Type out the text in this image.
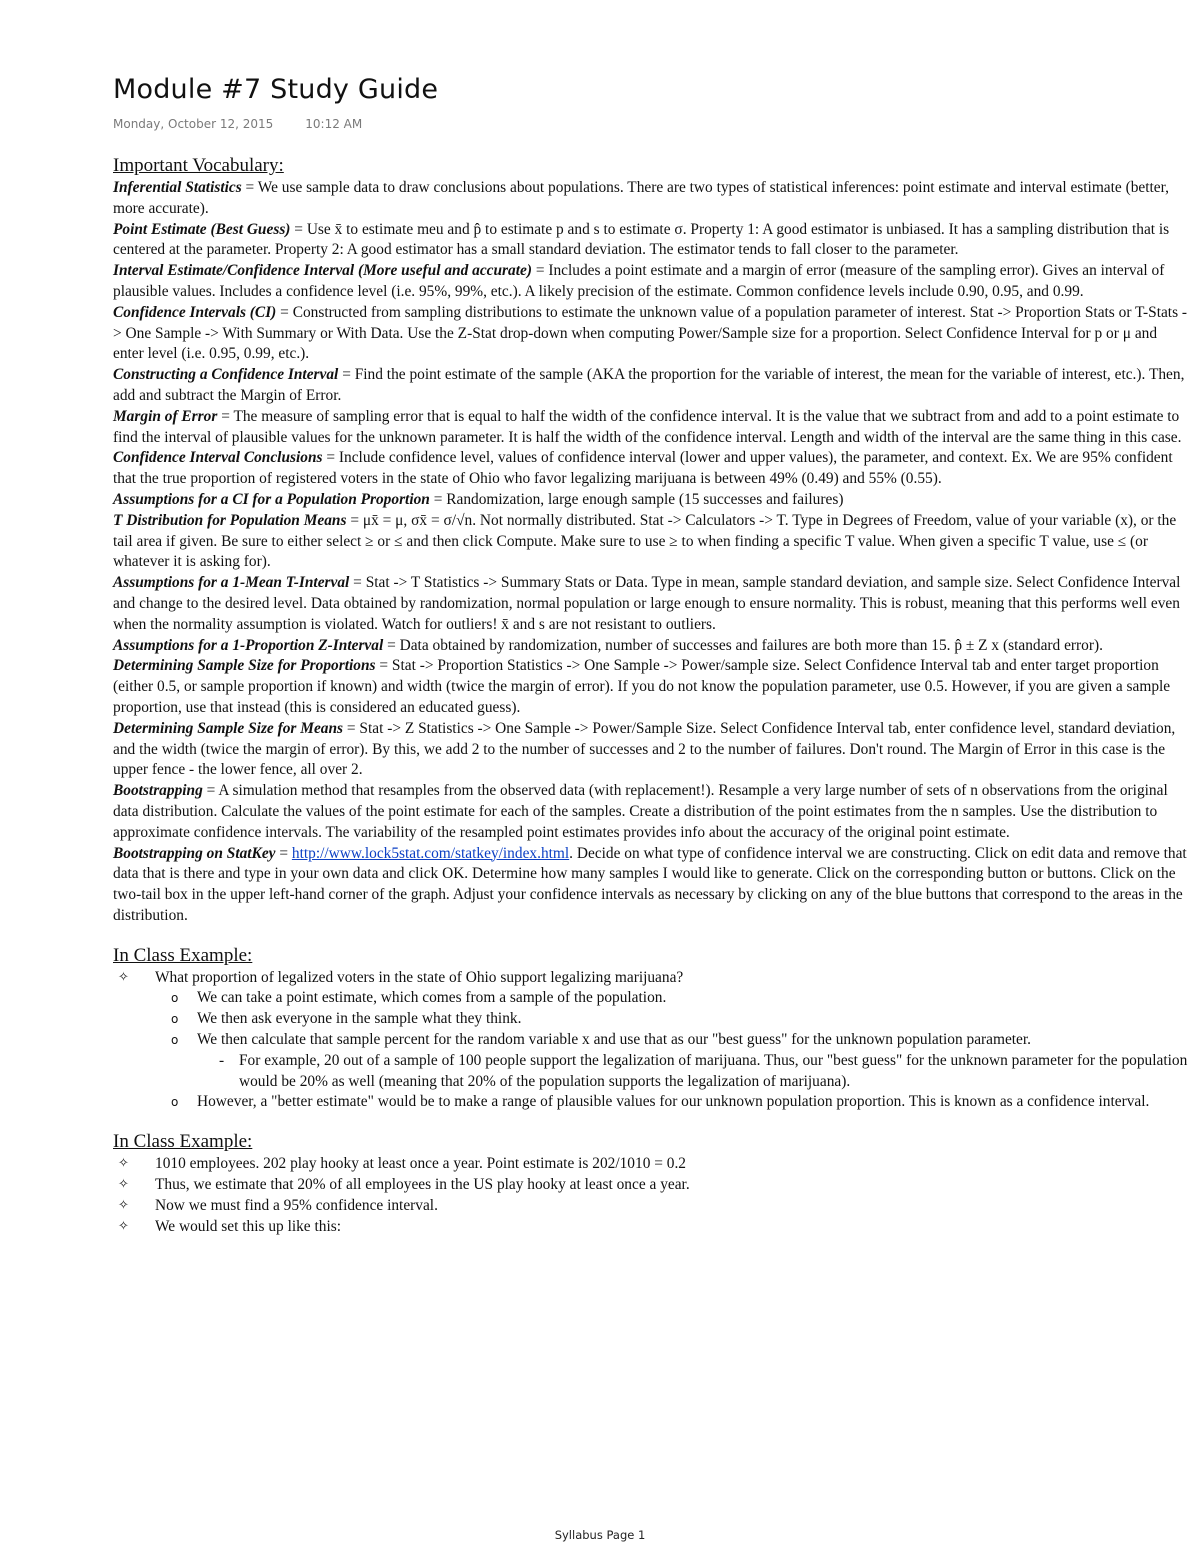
Module #7 Study Guide
Monday, October 12, 2015	10:12 AM
Important Vocabulary:

Inferential Statistics = We use sample data to draw conclusions about populations. There are two types of statistical inferences: point estimate and interval estimate (better, more accurate).

Point Estimate (Best Guess) = Use x̄ to estimate meu and p̂ to estimate p and s to estimate σ. Property 1: A good estimator is unbiased. It has a sampling distribution that is centered at the parameter. Property 2: A good estimator has a small standard deviation. The estimator tends to fall closer to the parameter.

Interval Estimate/Confidence Interval (More useful and accurate) = Includes a point estimate and a margin of error (measure of the sampling error). Gives an interval of plausible values. Includes a confidence level (i.e. 95%, 99%, etc.). A likely precision of the estimate. Common confidence levels include 0.90, 0.95, and 0.99.

Confidence Intervals (CI) = Constructed from sampling distributions to estimate the unknown value of a population parameter of interest. Stat -> Proportion Stats or T-Stats -> One Sample -> With Summary or With Data. Use the Z-Stat drop-down when computing Power/Sample size for a proportion. Select Confidence Interval for p or μ and enter level (i.e. 0.95, 0.99, etc.).

Constructing a Confidence Interval = Find the point estimate of the sample (AKA the proportion for the variable of interest, the mean for the variable of interest, etc.). Then, add and subtract the Margin of Error.

Margin of Error = The measure of sampling error that is equal to half the width of the confidence interval. It is the value that we subtract from and add to a point estimate to find the interval of plausible values for the unknown parameter. It is half the width of the confidence interval. Length and width of the interval are the same thing in this case.

Confidence Interval Conclusions = Include confidence level, values of confidence interval (lower and upper values), the parameter, and context. Ex. We are 95% confident that the true proportion of registered voters in the state of Ohio who favor legalizing marijuana is between 49% (0.49) and 55% (0.55).

Assumptions for a CI for a Population Proportion = Randomization, large enough sample (15 successes and failures)

T Distribution for Population Means = μx̄ = μ, σx̄ = σ/√n. Not normally distributed. Stat -> Calculators -> T. Type in Degrees of Freedom, value of your variable (x), or the tail area if given. Be sure to either select ≥ or ≤ and then click Compute. Make sure to use ≥ to when finding a specific T value. When given a specific T value, use ≤ (or whatever it is asking for).

Assumptions for a 1-Mean T-Interval = Stat -> T Statistics -> Summary Stats or Data. Type in mean, sample standard deviation, and sample size. Select Confidence Interval and change to the desired level. Data obtained by randomization, normal population or large enough to ensure normality. This is robust, meaning that this performs well even when the normality assumption is violated. Watch for outliers! x̄ and s are not resistant to outliers.

Assumptions for a 1-Proportion Z-Interval = Data obtained by randomization, number of successes and failures are both more than 15. p̂ ± Z x (standard error).

Determining Sample Size for Proportions = Stat -> Proportion Statistics -> One Sample -> Power/sample size. Select Confidence Interval tab and enter target proportion (either 0.5, or sample proportion if known) and width (twice the margin of error). If you do not know the population parameter, use 0.5. However, if you are given a sample proportion, use that instead (this is considered an educated guess).

Determining Sample Size for Means = Stat -> Z Statistics -> One Sample -> Power/Sample Size. Select Confidence Interval tab, enter confidence level, standard deviation, and the width (twice the margin of error). By this, we add 2 to the number of successes and 2 to the number of failures. Don't round. The Margin of Error in this case is the upper fence - the lower fence, all over 2.

Bootstrapping = A simulation method that resamples from the observed data (with replacement!). Resample a very large number of sets of n observations from the original data distribution. Calculate the values of the point estimate for each of the samples. Create a distribution of the point estimates from the n samples. Use the distribution to approximate confidence intervals. The variability of the resampled point estimates provides info about the accuracy of the original point estimate.

Bootstrapping on StatKey = http://www.lock5stat.com/statkey/index.html. Decide on what type of confidence interval we are constructing. Click on edit data and remove that data that is there and type in your own data and click OK. Determine how many samples I would like to generate. Click on the corresponding button or buttons. Click on the two-tail box in the upper left-hand corner of the graph. Adjust your confidence intervals as necessary by clicking on any of the blue buttons that correspond to the areas in the distribution.

In Class Example:
✧ What proportion of legalized voters in the state of Ohio support legalizing marijuana?
o We can take a point estimate, which comes from a sample of the population.
o We then ask everyone in the sample what they think.
o We then calculate that sample percent for the random variable x and use that as our "best guess" for the unknown population parameter.
- For example, 20 out of a sample of 100 people support the legalization of marijuana. Thus, our "best guess" for the unknown parameter for the population would be 20% as well (meaning that 20% of the population supports the legalization of marijuana).
o However, a "better estimate" would be to make a range of plausible values for our unknown population proportion. This is known as a confidence interval.
In Class Example:
✧ 1010 employees. 202 play hooky at least once a year. Point estimate is 202/1010 = 0.2
✧ Thus, we estimate that 20% of all employees in the US play hooky at least once a year.
✧ Now we must find a 95% confidence interval.
✧ We would set this up like this:
Syllabus Page 1
